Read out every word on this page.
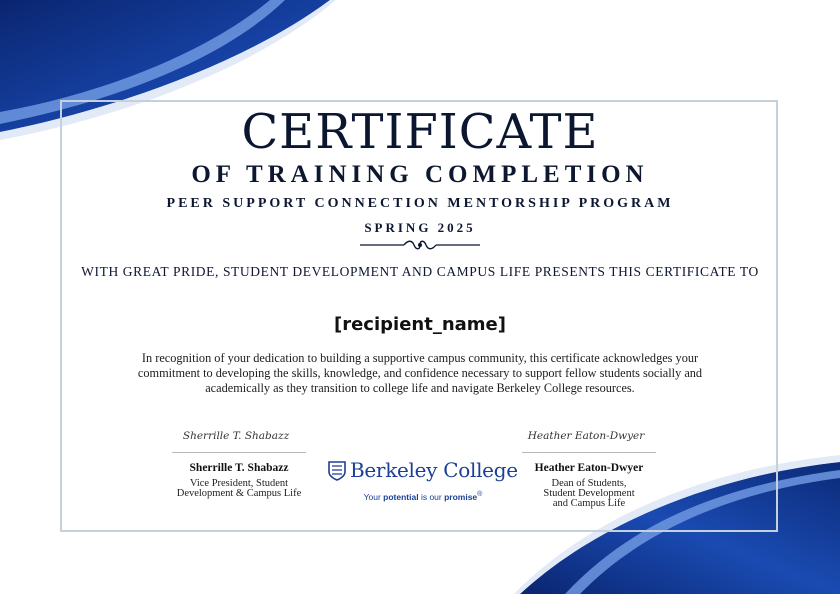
CERTIFICATE
OF TRAINING COMPLETION
PEER SUPPORT CONNECTION MENTORSHIP PROGRAM
SPRING 2025

WITH GREAT PRIDE, STUDENT DEVELOPMENT AND CAMPUS LIFE PRESENTS THIS CERTIFICATE TO

[recipient_name]

In recognition of your dedication to building a supportive campus community, this certificate acknowledges your commitment to developing the skills, knowledge, and confidence necessary to support fellow students socially and academically as they transition to college life and navigate Berkeley College resources.

Sherrille T. Shabazz
Sherrille T. Shabazz
Vice President, Student
Development & Campus Life
Berkeley College
Your potential is our promise®
Heather Eaton-Dwyer
Heather Eaton-Dwyer
Dean of Students,
Student Development
and Campus Life
